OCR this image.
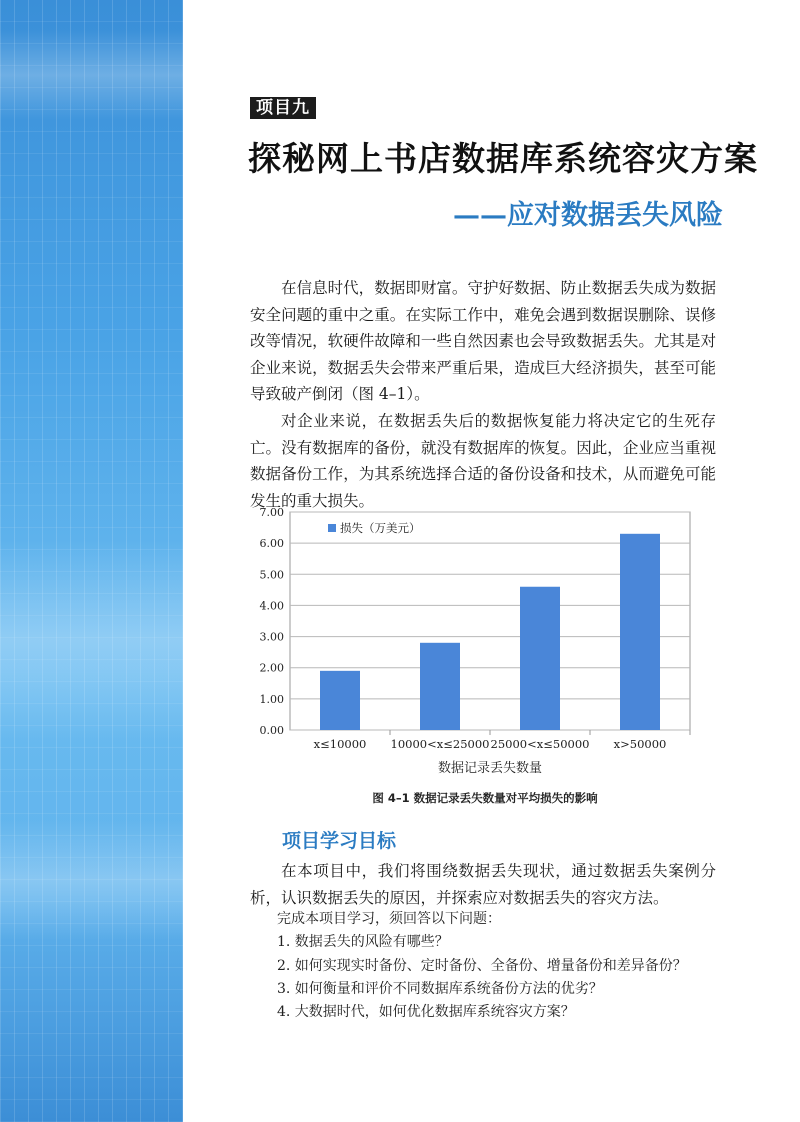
项目九
探秘网上书店数据库系统容灾方案
——应对数据丢失风险

在信息时代，数据即财富。守护好数据、防止数据丢失成为数据安全问题的重中之重。在实际工作中，难免会遇到数据误删除、误修改等情况，软硬件故障和一些自然因素也会导致数据丢失。尤其是对企业来说，数据丢失会带来严重后果，造成巨大经济损失，甚至可能导致破产倒闭（图 4–1）。

对企业来说，在数据丢失后的数据恢复能力将决定它的生死存亡。没有数据库的备份，就没有数据库的恢复。因此，企业应当重视数据备份工作，为其系统选择合适的备份设备和技术，从而避免可能发生的重大损失。

0.00
1.00
2.00
3.00
4.00
5.00
6.00
7.00
x≤10000 10000<x≤25000 25000<x≤50000 x>50000
数据记录丢失数量
损失（万美元）
图 4–1 数据记录丢失数量对平均损失的影响
项目学习目标

在本项目中，我们将围绕数据丢失现状，通过数据丢失案例分析，认识数据丢失的原因，并探索应对数据丢失的容灾方法。

完成本项目学习，须回答以下问题：
1. 数据丢失的风险有哪些？
2. 如何实现实时备份、定时备份、全备份、增量备份和差异备份？
3. 如何衡量和评价不同数据库系统备份方法的优劣？
4. 大数据时代，如何优化数据库系统容灾方案？
